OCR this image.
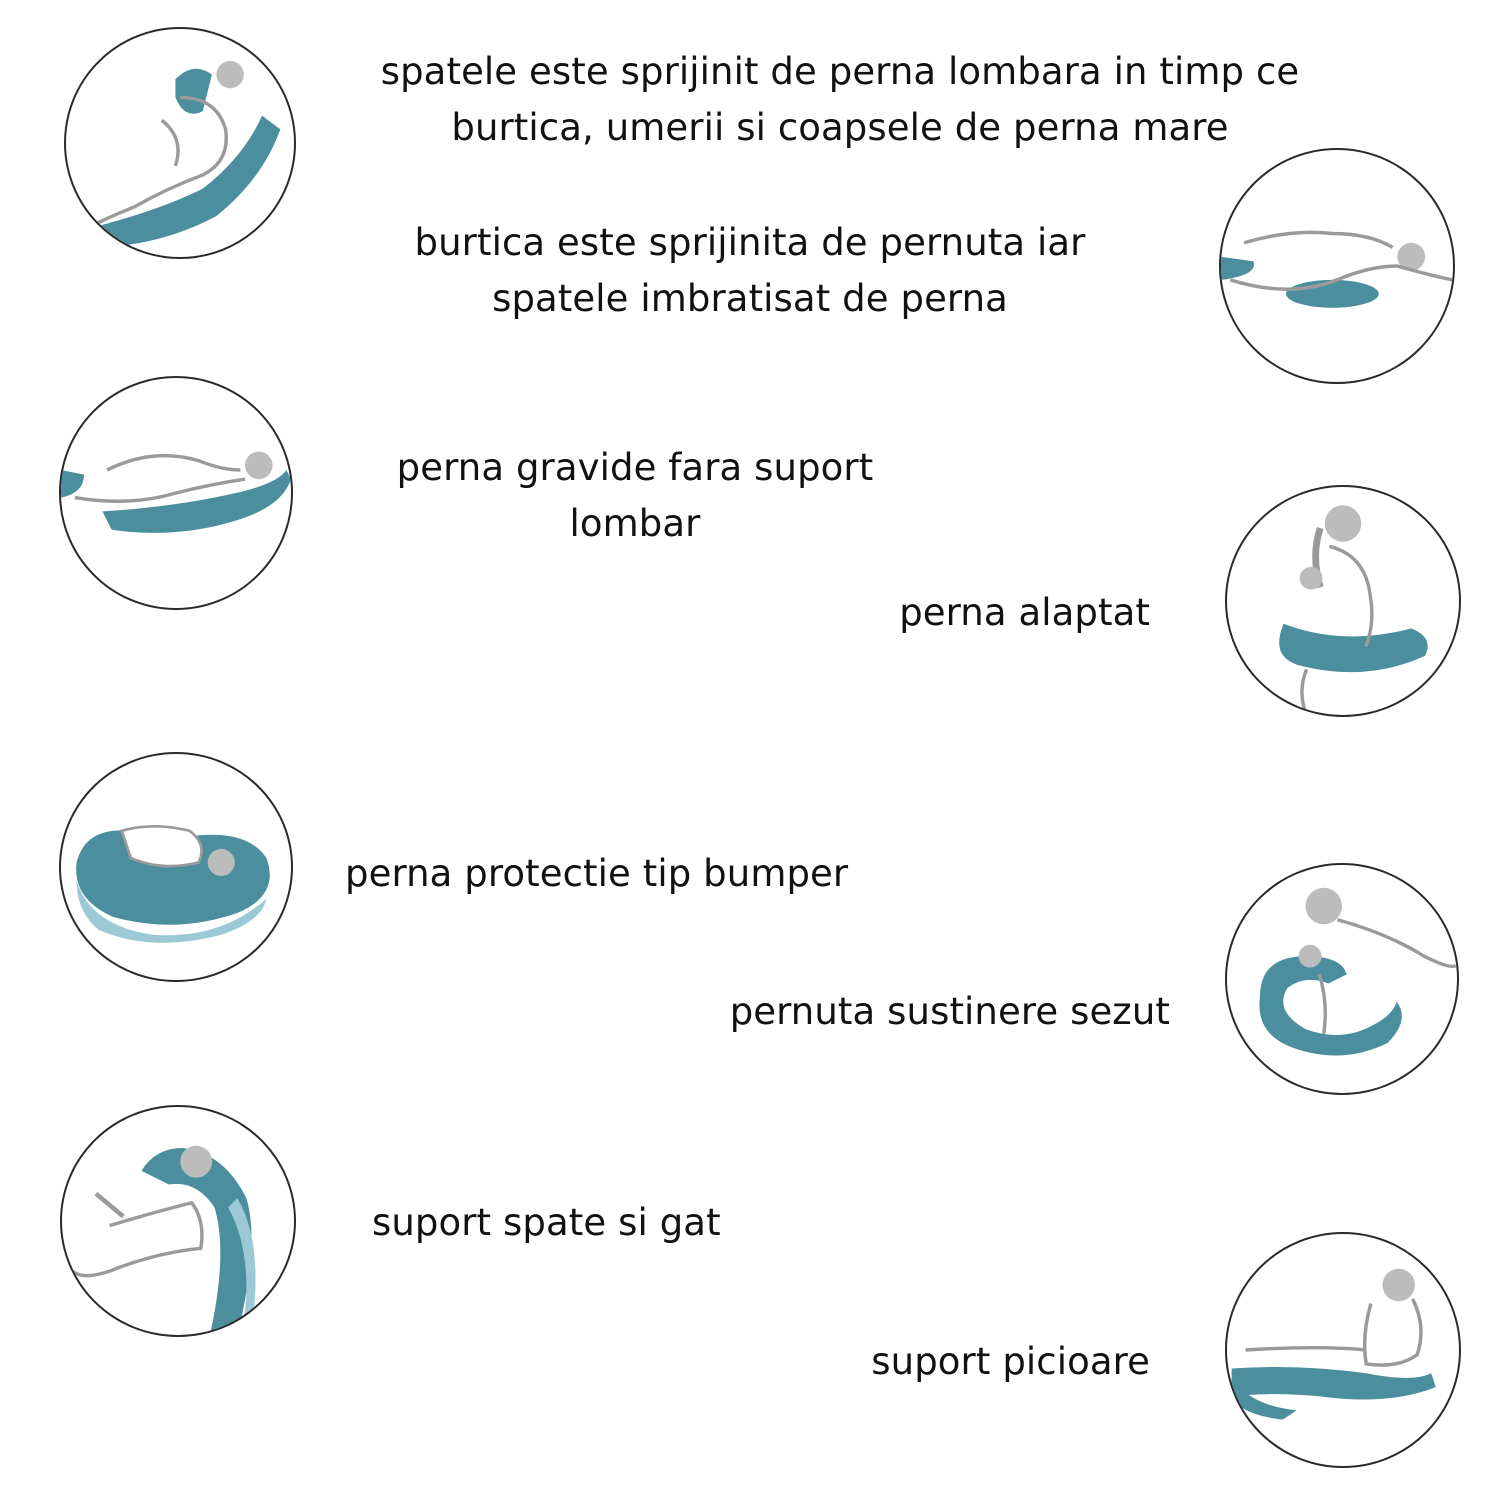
spatele este sprijinit de perna lombara in timp ce
burtica, umerii si coapsele de perna mare
burtica este sprijinita de pernuta iar
spatele imbratisat de perna
perna gravide fara suport
lombar
perna alaptat
perna protectie tip bumper
pernuta sustinere sezut
suport spate si gat
suport picioare
